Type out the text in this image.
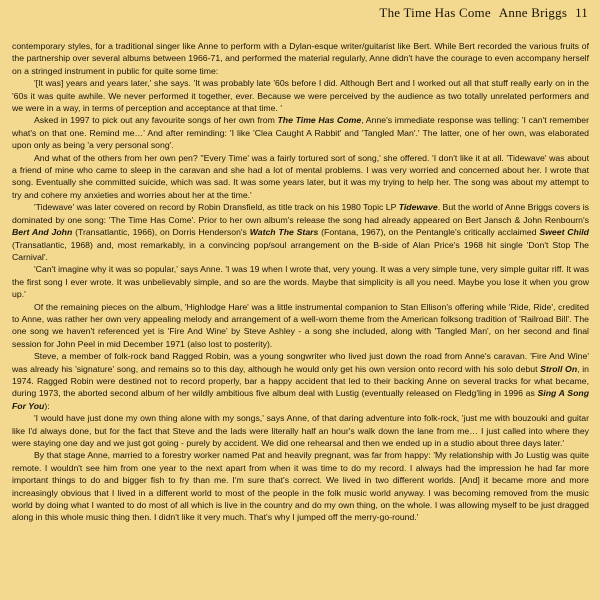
The Time Has Come Anne Briggs 11

contemporary styles, for a traditional singer like Anne to perform with a Dylan-esque writer/guitarist like Bert. While Bert recorded the various fruits of the partnership over several albums between 1966-71, and performed the material regularly, Anne didn't have the courage to even accompany herself on a stringed instrument in public for quite some time:

'[It was] years and years later,' she says. 'It was probably late '60s before I did. Although Bert and I worked out all that stuff really early on in the '60s it was quite awhile. We never performed it together, ever. Because we were perceived by the audience as two totally unrelated performers and we were in a way, in terms of perception and acceptance at that time. '

Asked in 1997 to pick out any favourite songs of her own from The Time Has Come, Anne's immediate response was telling: 'I can't remember what's on that one. Remind me…' And after reminding: 'I like 'Clea Caught A Rabbit' and 'Tangled Man'.' The latter, one of her own, was elaborated upon only as being 'a very personal song'.

And what of the others from her own pen? ''Every Time' was a fairly tortured sort of song,' she offered. 'I don't like it at all. 'Tidewave' was about a friend of mine who came to sleep in the caravan and she had a lot of mental problems. I was very worried and concerned about her. I wrote that song. Eventually she committed suicide, which was sad. It was some years later, but it was my trying to help her. The song was about my attempt to try and cohere my anxieties and worries about her at the time.'

'Tidewave' was later covered on record by Robin Dransfield, as title track on his 1980 Topic LP Tidewave. But the world of Anne Briggs covers is dominated by one song: 'The Time Has Come'. Prior to her own album's release the song had already appeared on Bert Jansch & John Renbourn's Bert And John (Transatlantic, 1966), on Dorris Henderson's Watch The Stars (Fontana, 1967), on the Pentangle's critically acclaimed Sweet Child (Transatlantic, 1968) and, most remarkably, in a convincing pop/soul arrangement on the B-side of Alan Price's 1968 hit single 'Don't Stop The Carnival'.

'Can't imagine why it was so popular,' says Anne. 'I was 19 when I wrote that, very young. It was a very simple tune, very simple guitar riff. It was the first song I ever wrote. It was unbelievably simple, and so are the words. Maybe that simplicity is all you need. Maybe you lose it when you grow up.'

Of the remaining pieces on the album, 'Highlodge Hare' was a little instrumental companion to Stan Ellison's offering while 'Ride, Ride', credited to Anne, was rather her own very appealing melody and arrangement of a well-worn theme from the American folksong tradition of 'Railroad Bill'. The one song we haven't referenced yet is 'Fire And Wine' by Steve Ashley - a song she included, along with 'Tangled Man', on her second and final session for John Peel in mid December 1971 (also lost to posterity).

Steve, a member of folk-rock band Ragged Robin, was a young songwriter who lived just down the road from Anne's caravan. 'Fire And Wine' was already his 'signature' song, and remains so to this day, although he would only get his own version onto record with his solo debut Stroll On, in 1974. Ragged Robin were destined not to record properly, bar a happy accident that led to their backing Anne on several tracks for what became, during 1973, the aborted second album of her wildly ambitious five album deal with Lustig (eventually released on Fledg'ling in 1996 as Sing A Song For You):

'I would have just done my own thing alone with my songs,' says Anne, of that daring adventure into folk-rock, 'just me with bouzouki and guitar like I'd always done, but for the fact that Steve and the lads were literally half an hour's walk down the lane from me… I just called into where they were staying one day and we just got going - purely by accident. We did one rehearsal and then we ended up in a studio about three days later.'

By that stage Anne, married to a forestry worker named Pat and heavily pregnant, was far from happy: 'My relationship with Jo Lustig was quite remote. I wouldn't see him from one year to the next apart from when it was time to do my record. I always had the impression he had far more important things to do and bigger fish to fry than me. I'm sure that's correct. We lived in two different worlds. [And] it became more and more increasingly obvious that I lived in a different world to most of the people in the folk music world anyway. I was becoming removed from the music world by doing what I wanted to do most of all which is live in the country and do my own thing, on the whole. I was allowing myself to be just dragged along in this whole music thing then. I didn't like it very much. That's why I jumped off the merry-go-round.'
